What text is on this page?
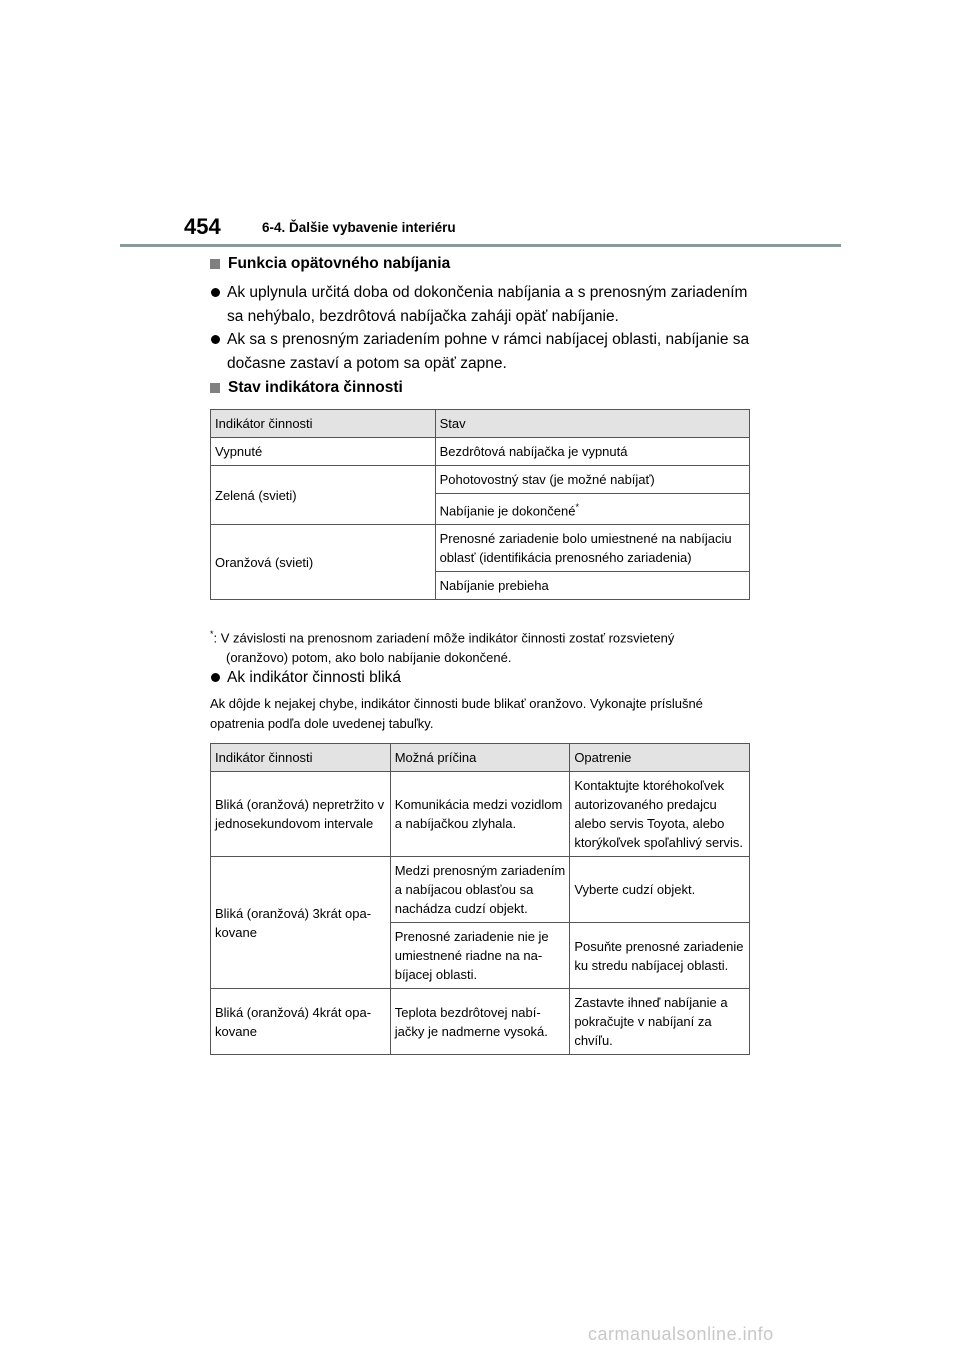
454	6-4. Ďalšie vybavenie interiéru
Funkcia opätovného nabíjania
Ak uplynula určitá doba od dokončenia nabíjania a s prenosným zariadením sa nehýbalo, bezdrôtová nabíjačka zaháji opäť nabíjanie.
Ak sa s prenosným zariadením pohne v rámci nabíjacej oblasti, nabíjanie sa dočasne zastaví a potom sa opäť zapne.
Stav indikátora činnosti
Indikátor činnosti	Stav
Vypnuté	Bezdrôtová nabíjačka je vypnutá
Zelená (svieti)	Pohotovostný stav (je možné nabíjať)
	Nabíjanie je dokončené*
Oranžová (svieti)	Prenosné zariadenie bolo umiestnené na nabíjaciu oblasť (identifikácia prenosného zariadenia)
	Nabíjanie prebieha
*: V závislosti na prenosnom zariadení môže indikátor činnosti zostať rozsvietený
(oranžovo) potom, ako bolo nabíjanie dokončené.
Ak indikátor činnosti bliká
Ak dôjde k nejakej chybe, indikátor činnosti bude blikať oranžovo. Vykonajte príslušné opatrenia podľa dole uvedenej tabuľky.
Indikátor činnosti	Možná príčina	Opatrenie
Bliká (oranžová) nepretržito v jednosekundovom intervale	Komunikácia medzi vozidlom a nabíjačkou zlyhala.	Kontaktujte ktoréhokoľvek autorizovaného predajcu alebo servis Toyota, alebo ktorýkoľvek spoľahlivý servis.
Bliká (oranžová) 3krát opakovane	Medzi prenosným zariadením a nabíjacou oblasťou sa nachádza cudzí objekt.	Vyberte cudzí objekt.
	Prenosné zariadenie nie je umiestnené riadne na nabíjacej oblasti.	Posuňte prenosné zariadenie ku stredu nabíjacej oblasti.
Bliká (oranžová) 4krát opakovane	Teplota bezdrôtovej nabíjačky je nadmerne vysoká.	Zastavte ihneď nabíjanie a pokračujte v nabíjaní za chvíľu.
carmanualsonline.info
